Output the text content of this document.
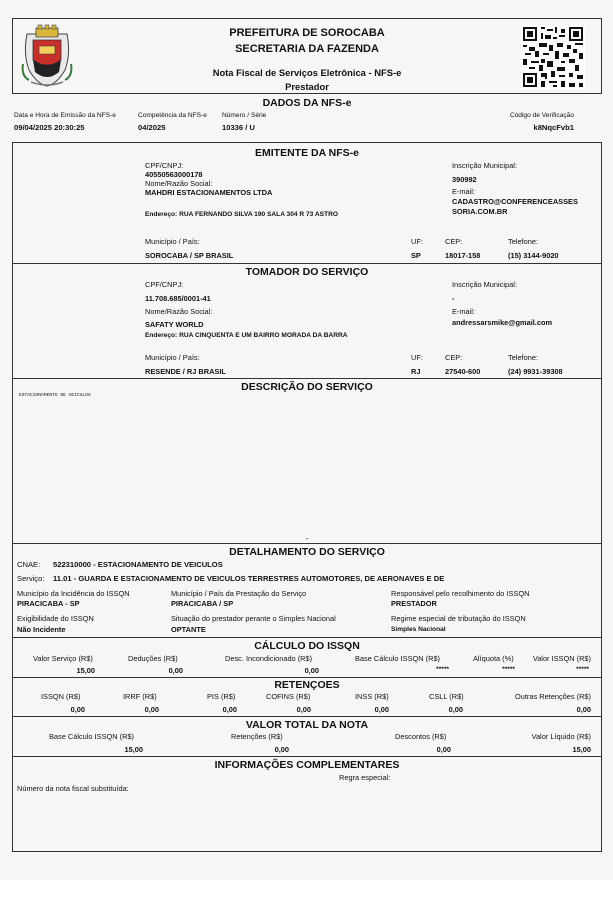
PREFEITURA DE SOROCABA
SECRETARIA DA FAZENDA
Nota Fiscal de Serviços Eletrônica - NFS-e
Prestador
DADOS DA NFS-e
Data e Hora de Emissão da NFS-e
09/04/2025 20:30:25
Competência da NFS-e
04/2025
Número / Série
10336 / U
Código de Verificação
k8NqcFvb1
EMITENTE DA NFS-e
CPF/CNPJ:
40550563000178
Nome/Razão Social:
MAHDRI ESTACIONAMENTOS LTDA
Endereço: RUA FERNANDO SILVA 190 SALA 304 R 73 ASTRO
Inscrição Municipal:
390992
E-mail:
CADASTRO@CONFERENCEASSES
SORIA.COM.BR
Município / País:
SOROCABA / SP BRASIL
UF:
SP
CEP:
18017-158
Telefone:
(15) 3144-9020
TOMADOR DO SERVIÇO
CPF/CNPJ:
11.708.685/0001-41
Nome/Razão Social:
SAFATY WORLD
Endereço: RUA CINQUENTA E UM BAIRRO MORADA DA BARRA
Inscrição Municipal:
-
E-mail:
andressarsmike@gmail.com
Município / País:
RESENDE / RJ BRASIL
UF:
RJ
CEP:
27540-600
Telefone:
(24) 9931-39308
DESCRIÇÃO DO SERVIÇO
ESTACIONAMENTO DE VEICULOS
-
DETALHAMENTO DO SERVIÇO
CNAE: 522310000 - ESTACIONAMENTO DE VEICULOS
Serviço: 11.01 - GUARDA E ESTACIONAMENTO DE VEICULOS TERRESTRES AUTOMOTORES, DE AERONAVES E DE
Município da Incidência do ISSQN
PIRACICABA - SP
Município / País da Prestação do Serviço
PIRACICABA / SP
Responsável pelo recolhimento do ISSQN
PRESTADOR
Exigibilidade do ISSQN
Não Incidente
Situação do prestador perante o Simples Nacional
OPTANTE
Regime especial de tributação do ISSQN
Simples Nacional
CÁLCULO DO ISSQN
Valor Serviço (R$)
15,00
Deduções (R$)
0,00
Desc. Incondicionado (R$)
0,00
Base Cálculo ISSQN (R$)
*****
Alíquota (%)
*****
Valor ISSQN (R$)
*****
RETENÇOES
ISSQN (R$)
0,00
IRRF (R$)
0,00
PIS (R$)
0,00
COFINS (R$)
0,00
INSS (R$)
0,00
CSLL (R$)
0,00
Outras Retenções (R$)
0,00
VALOR TOTAL DA NOTA
Base Cálculo ISSQN (R$)
15,00
Retenções (R$)
0,00
Descontos (R$)
0,00
Valor Líquido (R$)
15,00
INFORMAÇÕES COMPLEMENTARES
Regra especial:
Número da nota fiscal substituída:
